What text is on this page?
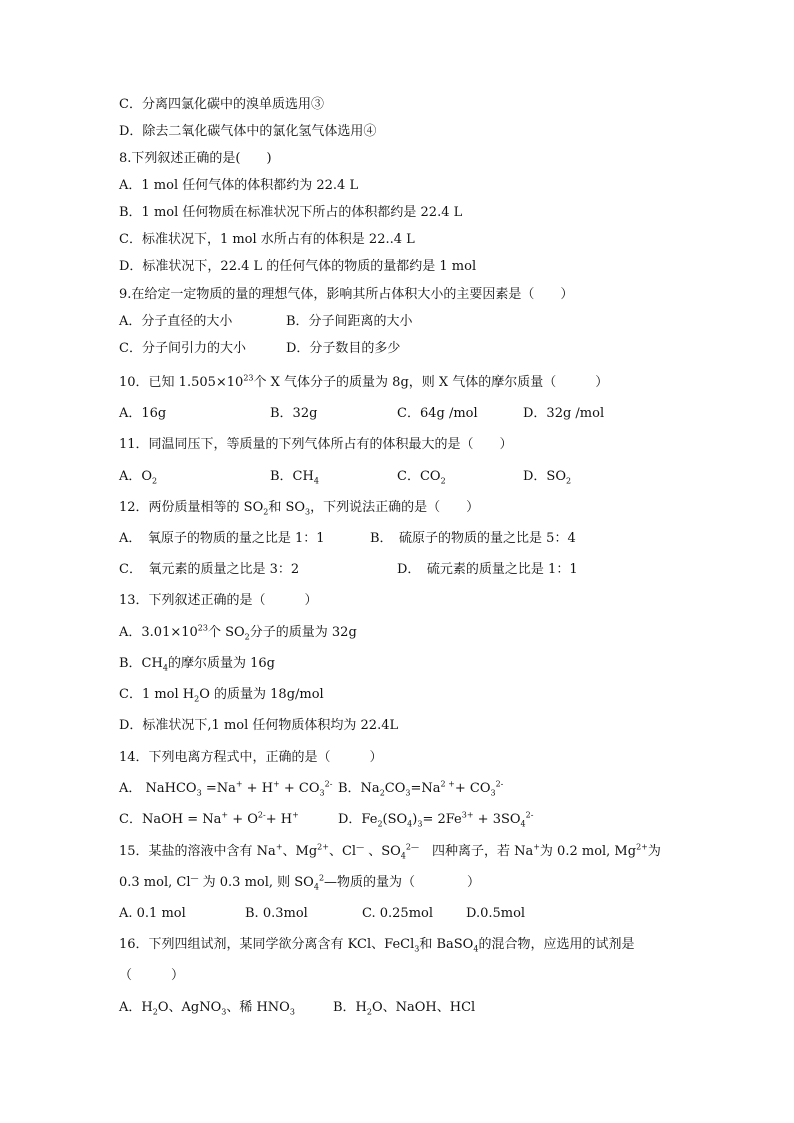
C．分离四氯化碳中的溴单质选用③
D．除去二氧化碳气体中的氯化氢气体选用④
8.下列叙述正确的是(　　)
A．1 mol 任何气体的体积都约为 22.4 L
B．1 mol 任何物质在标准状况下所占的体积都约是 22.4 L
C．标准状况下，1 mol 水所占有的体积是 22..4 L
D．标准状况下，22.4 L 的任何气体的物质的量都约是 1 mol
9.在给定一定物质的量的理想气体，影响其所占体积大小的主要因素是（　　）
A．分子直径的大小	B．分子间距离的大小
C．分子间引力的大小	D．分子数目的多少
10．已知 $1.505\times 10^{23}$个 X 气体分子的质量为 8g，则 X 气体的摩尔质量（　　　）
A．16g	B．32g	C．64g /mol	D．32g /mol
11．同温同压下，等质量的下列气体所占有的体积最大的是（　　）
A．$O_2$	B．$CH_4$	C．$CO_2$	D．$SO_2$
12．两份质量相等的 $SO_2$和 $SO_3$，下列说法正确的是（　　）
A．　氧原子的物质的量之比是 1：1	B．　硫原子的物质的量之比是 5：4
C．　氧元素的质量之比是 3：2	D．　硫元素的质量之比是 1：1
13．下列叙述正确的是（　　　）
A．$3.01\times 10^{23}$个 $SO_2$分子的质量为 32g
B．$CH_4$的摩尔质量为 16g
C．1 mol $H_2O$ 的质量为 18g/mol
D．标准状况下,1 mol 任何物质体积均为 22.4L
14．下列电离方程式中，正确的是（　　　）
A． NaHCO$_3$ $=Na^+ + H^+ + CO_3^{2-}$ B．$Na_2CO_3=Na^{2 +}+ CO_3^{2-}$
C．NaOH = $Na^+ + O^{2-}+ H^+$	D．$Fe_2(SO_4)_3= 2Fe^{3+} + 3SO_4^{2-}$
15．某盐的溶液中含有 Na+、$Mg^{2+}$、Cl— 、$SO_4^{2—}$　四种离子，若 Na+为 0.2 mol, $Mg^{2+}$为
0.3 mol, Cl— 为 0.3 mol, 则 $SO_4^2—$物质的量为（　　　　）
A. 0.1 mol	B. 0.3mol	C. 0.25mol	D.0.5mol
16．下列四组试剂，某同学欲分离含有 KCl、FeCl$_3$和 BaSO$_4$的混合物，应选用的试剂是
（　　　）
A．$H_2O$、AgNO$_3$、稀 $HNO_3$	B．$H_2O$、NaOH、HCl
